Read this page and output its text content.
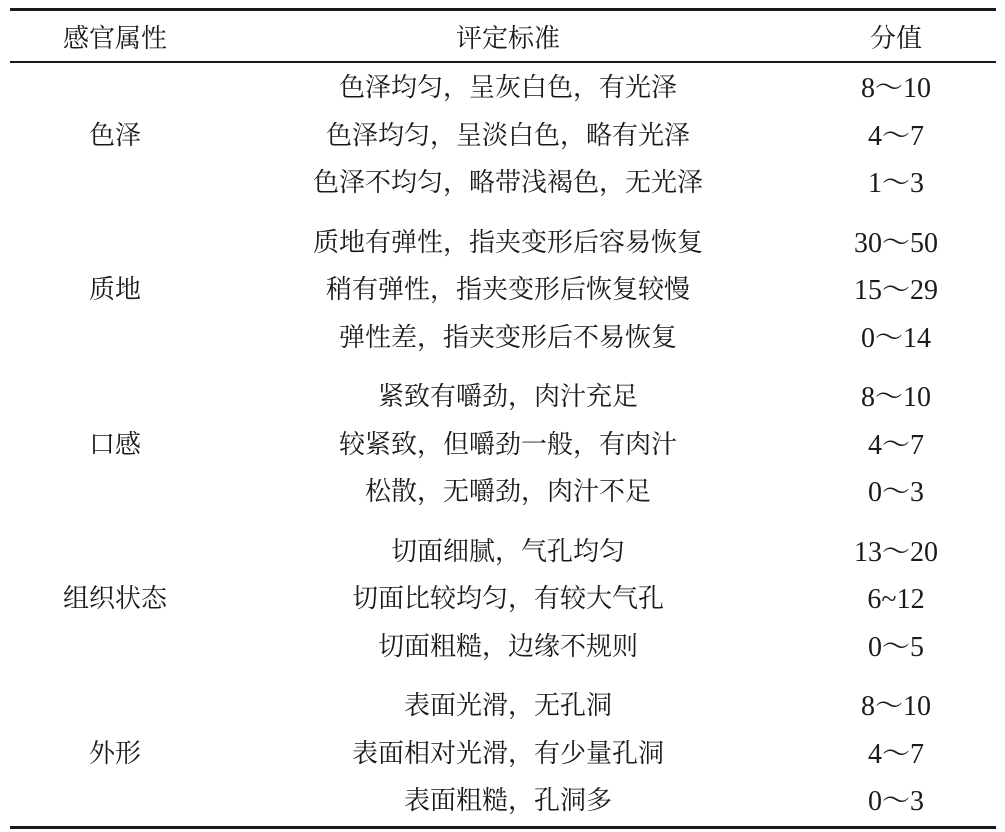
感官属性	评定标准	分值
色泽	色泽均匀，呈灰白色，有光泽	8～10
	色泽均匀，呈淡白色，略有光泽	4～7
	色泽不均匀，略带浅褐色，无光泽	1～3
质地	质地有弹性，指夹变形后容易恢复	30～50
	稍有弹性，指夹变形后恢复较慢	15～29
	弹性差，指夹变形后不易恢复	0～14
口感	紧致有嚼劲，肉汁充足	8～10
	较紧致，但嚼劲一般，有肉汁	4～7
	松散，无嚼劲，肉汁不足	0～3
组织状态	切面细腻，气孔均匀	13～20
	切面比较均匀，有较大气孔	6~12
	切面粗糙，边缘不规则	0～5
外形	表面光滑，无孔洞	8～10
	表面相对光滑，有少量孔洞	4～7
	表面粗糙，孔洞多	0～3
